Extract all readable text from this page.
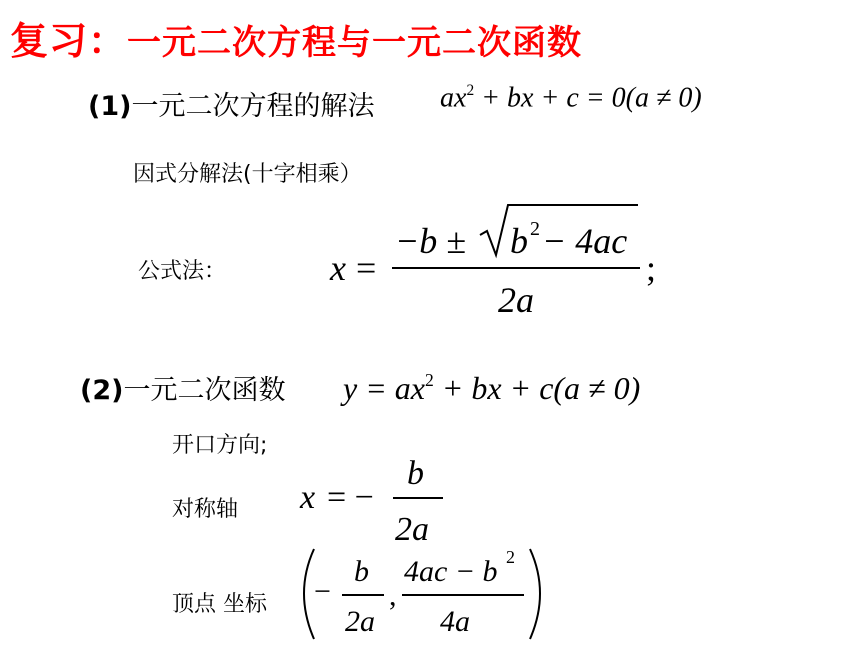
复习：一元二次方程与一元二次函数
(1)一元二次方程的解法 $ax^2$ + bx + c = 0(a ≠ 0)
因式分解法(十字相乘）
公式法：	x =
−b ± b 2 − 4ac
2a
;
(2)一元二次函数 $y = ax^2$ + bx + c(a ≠ 0)
开口方向;
对称轴 x = −
b
2a
顶点 坐标 −
b
2a
,
4ac − b 2
4a
